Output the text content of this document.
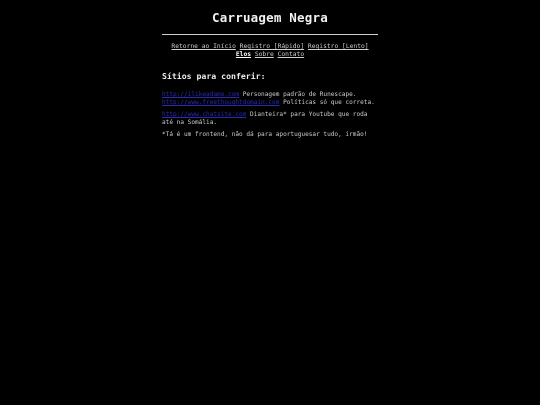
Carruagem Negra
Retorne ao Início Registro [Rápido] Registro [Lento]
Elos Sobre Contato
Sítios para conferir:

http://ilikeadamo.com Personagem padrão de Runescape.

http://www.freethoughtdomain.com Políticas só que correta.

http://www.chatsite.com Dianteira* para Youtube que roda até na Somália.

*Tá é um frontend, não dá para aportuguesar tudo, irmão!
